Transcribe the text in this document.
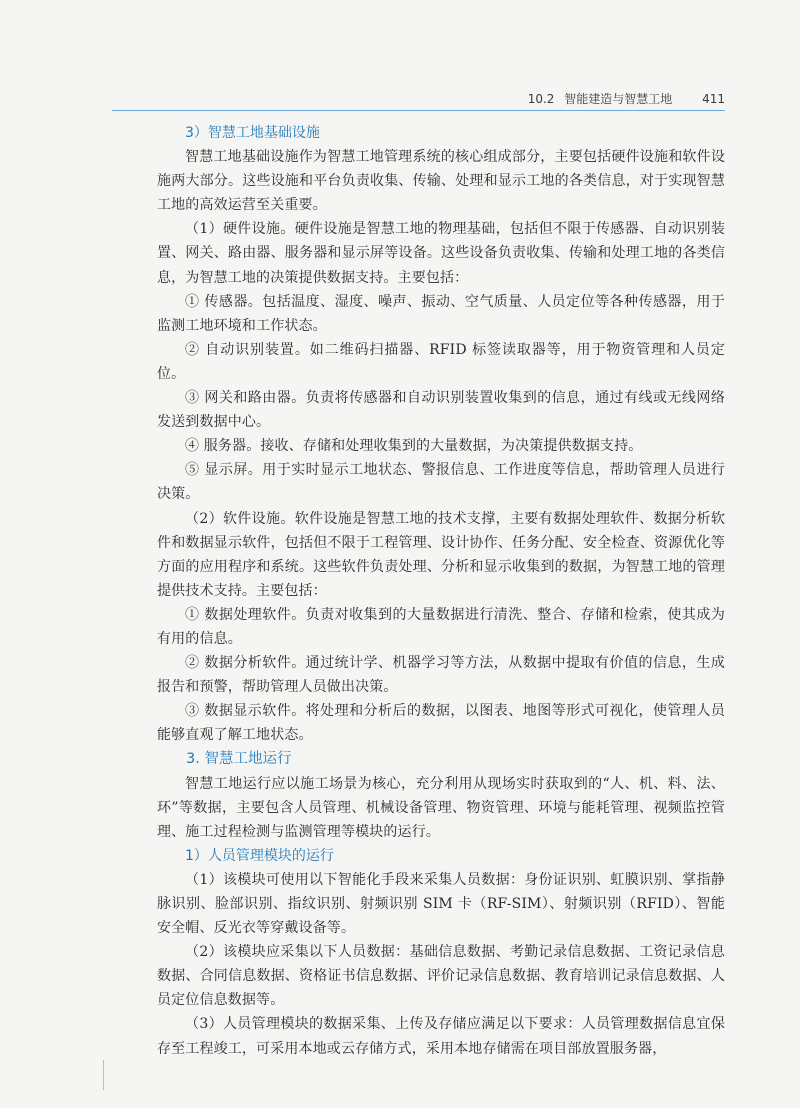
10.2 智能建造与智慧工地 411

3）智慧工地基础设施

智慧工地基础设施作为智慧工地管理系统的核心组成部分，主要包括硬件设施和软件设施两大部分。这些设施和平台负责收集、传输、处理和显示工地的各类信息，对于实现智慧工地的高效运营至关重要。

（1）硬件设施。硬件设施是智慧工地的物理基础，包括但不限于传感器、自动识别装置、网关、路由器、服务器和显示屏等设备。这些设备负责收集、传输和处理工地的各类信息，为智慧工地的决策提供数据支持。主要包括：

① 传感器。包括温度、湿度、噪声、振动、空气质量、人员定位等各种传感器，用于监测工地环境和工作状态。

② 自动识别装置。如二维码扫描器、RFID 标签读取器等，用于物资管理和人员定位。

③ 网关和路由器。负责将传感器和自动识别装置收集到的信息，通过有线或无线网络发送到数据中心。

④ 服务器。接收、存储和处理收集到的大量数据，为决策提供数据支持。

⑤ 显示屏。用于实时显示工地状态、警报信息、工作进度等信息，帮助管理人员进行决策。

（2）软件设施。软件设施是智慧工地的技术支撑，主要有数据处理软件、数据分析软件和数据显示软件，包括但不限于工程管理、设计协作、任务分配、安全检查、资源优化等方面的应用程序和系统。这些软件负责处理、分析和显示收集到的数据，为智慧工地的管理提供技术支持。主要包括：

① 数据处理软件。负责对收集到的大量数据进行清洗、整合、存储和检索，使其成为有用的信息。

② 数据分析软件。通过统计学、机器学习等方法，从数据中提取有价值的信息，生成报告和预警，帮助管理人员做出决策。

③ 数据显示软件。将处理和分析后的数据，以图表、地图等形式可视化，使管理人员能够直观了解工地状态。

3. 智慧工地运行

智慧工地运行应以施工场景为核心，充分利用从现场实时获取到的“人、机、料、法、环”等数据，主要包含人员管理、机械设备管理、物资管理、环境与能耗管理、视频监控管理、施工过程检测与监测管理等模块的运行。

1）人员管理模块的运行

（1）该模块可使用以下智能化手段来采集人员数据：身份证识别、虹膜识别、掌指静脉识别、脸部识别、指纹识别、射频识别 SIM 卡（RF-SIM）、射频识别（RFID）、智能安全帽、反光衣等穿戴设备等。

（2）该模块应采集以下人员数据：基础信息数据、考勤记录信息数据、工资记录信息数据、合同信息数据、资格证书信息数据、评价记录信息数据、教育培训记录信息数据、人员定位信息数据等。

（3）人员管理模块的数据采集、上传及存储应满足以下要求：人员管理数据信息宜保存至工程竣工，可采用本地或云存储方式，采用本地存储需在项目部放置服务器，
